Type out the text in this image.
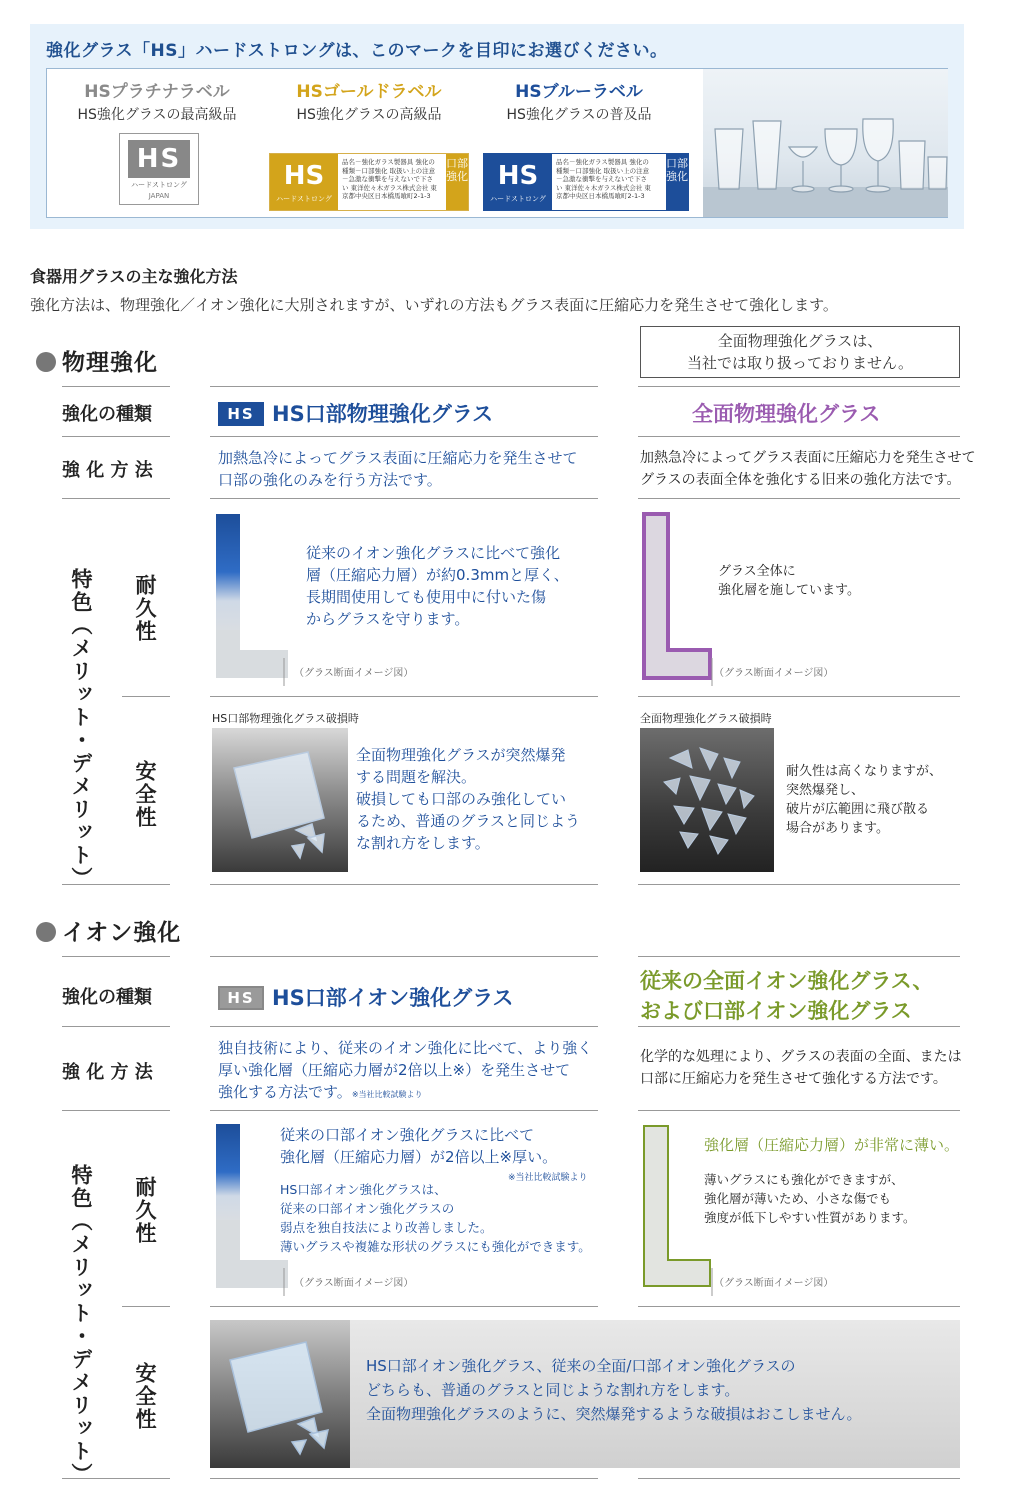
強化グラス「HS」ハードストロングは、このマークを目印にお選びください。
HSプラチナラベル
HS強化グラスの最高級品
HSゴールドラベル
HS強化グラスの高級品
HSブルーラベル
HS強化グラスの普及品
HS
ハードストロング
JAPAN
HS
ハードストロング
品名－強化ガラス製器具 強化の種類－口部強化 取扱い上の注意－急激な衝撃を与えないで下さい 東洋佐々木ガラス株式会社 東京都中央区日本橋馬喰町2-1-3
口部強化	HS
ハードストロング
品名－強化ガラス製器具 強化の種類－口部強化 取扱い上の注意－急激な衝撃を与えないで下さい 東洋佐々木ガラス株式会社 東京都中央区日本橋馬喰町2-1-3
口部強化
食器用グラスの主な強化方法
強化方法は、物理強化／イオン強化に大別されますが、いずれの方法もグラス表面に圧縮応力を発生させて強化します。
物理強化
全面物理強化グラスは、
当社では取り扱っておりません。
強化の種類
強 化 方 法
HS HS口部物理強化グラス	全面物理強化グラス
加熱急冷によってグラス表面に圧縮応力を発生させて
口部の強化のみを行う方法です。
加熱急冷によってグラス表面に圧縮応力を発生させて
グラスの表面全体を強化する旧来の強化方法です。
特色（メリット・デメリット） 耐久性
安全性
（グラス断面イメージ図）
従来のイオン強化グラスに比べて強化
層（圧縮応力層）が約0.3mmと厚く、
長期間使用しても使用中に付いた傷
からグラスを守ります。
（グラス断面イメージ図）
グラス全体に
強化層を施しています。
HS口部物理強化グラス破損時
全面物理強化グラスが突然爆発
する問題を解決。
破損しても口部のみ強化してい
るため、普通のグラスと同じよう
な割れ方をします。
全面物理強化グラス破損時
耐久性は高くなりますが、
突然爆発し、
破片が広範囲に飛び散る
場合があります。
イオン強化
強化の種類
強 化 方 法
HS HS口部イオン強化グラス
従来の全面イオン強化グラス、
および口部イオン強化グラス
独自技術により、従来のイオン強化に比べて、より強く
厚い強化層（圧縮応力層が2倍以上※）を発生させて
強化する方法です。※当社比較試験より
化学的な処理により、グラスの表面の全面、または
口部に圧縮応力を発生させて強化する方法です。
特色（メリット・デメリット） 耐久性
安全性
（グラス断面イメージ図）
従来の口部イオン強化グラスに比べて
強化層（圧縮応力層）が2倍以上※厚い。
※当社比較試験より
HS口部イオン強化グラスは、
従来の口部イオン強化グラスの
弱点を独自技法により改善しました。
薄いグラスや複雑な形状のグラスにも強化ができます。
（グラス断面イメージ図）
強化層（圧縮応力層）が非常に薄い。
薄いグラスにも強化ができますが、
強化層が薄いため、小さな傷でも
強度が低下しやすい性質があります。
HS口部イオン強化グラス、従来の全面/口部イオン強化グラスの
どちらも、普通のグラスと同じような割れ方をします。
全面物理強化グラスのように、突然爆発するような破損はおこしません。
